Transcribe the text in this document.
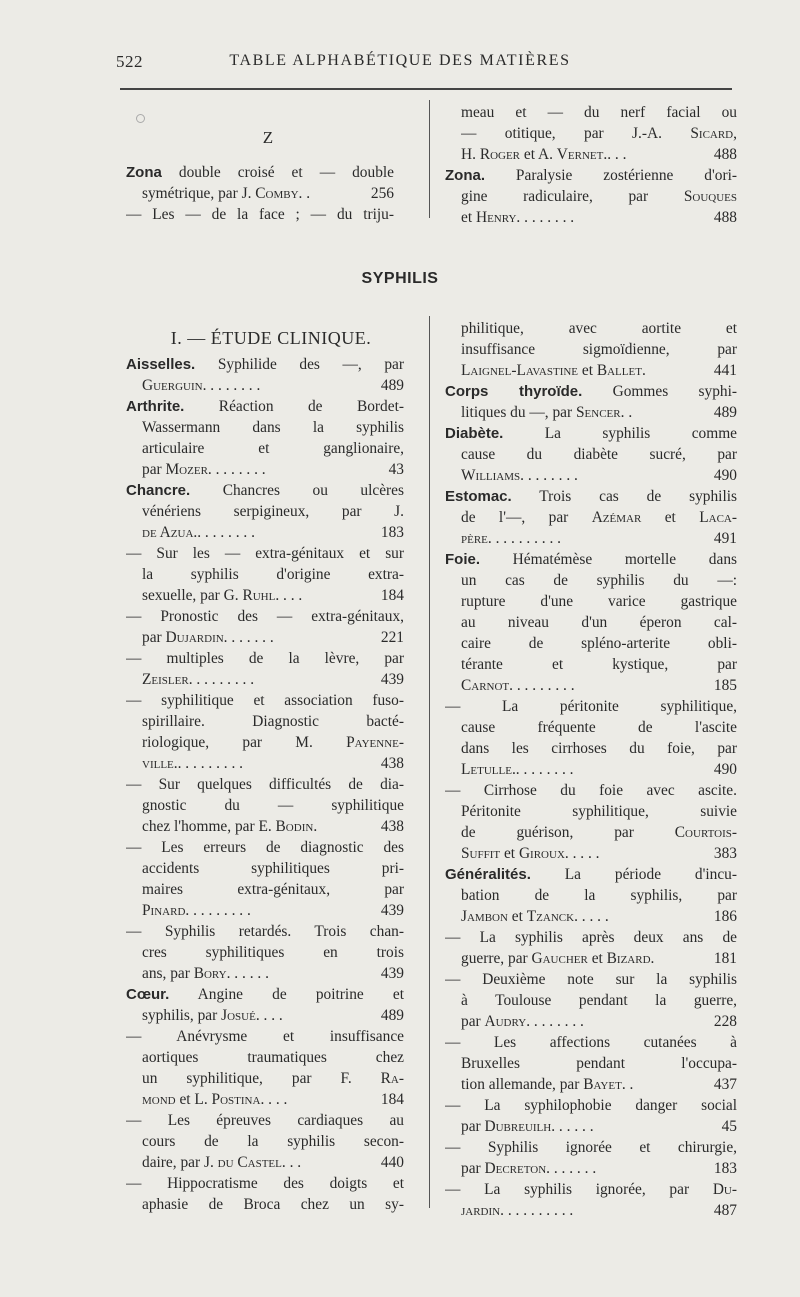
522	TABLE ALPHABÉTIQUE DES MATIÈRES
Z
SYPHILIS
I. — ÉTUDE CLINIQUE.
Zona double croisé et — double
symétrique, par J. Comby. .	256
— Les — de la face ; — du triju-
meau et — du nerf facial ou
— otitique, par J.-A. Sicard,
H. Roger et A. Vernet.. . .	488
Zona. Paralysie zostérienne d'ori-
gine radiculaire, par Souques
et Henry. . . . . . . .	488
Aisselles. Syphilide des —, par
Guerguin. . . . . . . .	489
Arthrite. Réaction de Bordet-
Wassermann dans la syphilis
articulaire et ganglionaire,
par Mozer. . . . . . . .	43
Chancre. Chancres ou ulcères
vénériens serpigineux, par J.
de Azua.. . . . . . . .	183
— Sur les — extra-génitaux et sur
la syphilis d'origine extra-
sexuelle, par G. Ruhl. . . .	184
— Pronostic des — extra-génitaux,
par Dujardin. . . . . . .	221
— multiples de la lèvre, par
Zeisler. . . . . . . . .	439
— syphilitique et association fuso-
spirillaire. Diagnostic bacté-
riologique, par M. Payenne-
ville.. . . . . . . . .	438
— Sur quelques difficultés de dia-
gnostic du — syphilitique
chez l'homme, par E. Bodin.	438
— Les erreurs de diagnostic des
accidents syphilitiques pri-
maires extra-génitaux, par
Pinard. . . . . . . . .	439
— Syphilis retardés. Trois chan-
cres syphilitiques en trois
ans, par Bory. . . . . .	439
Cœur. Angine de poitrine et
syphilis, par Josué. . . .	489
— Anévrysme et insuffisance
aortiques traumatiques chez
un syphilitique, par F. Ra-
mond et L. Postina. . . .	184
— Les épreuves cardiaques au
cours de la syphilis secon-
daire, par J. du Castel. . .	440
— Hippocratisme des doigts et
aphasie de Broca chez un sy-
philitique, avec aortite et
insuffisance sigmoïdienne, par
Laignel-Lavastine et Ballet.	441
Corps thyroïde. Gommes syphi-
litiques du —, par Sencer. .	489
Diabète. La syphilis comme
cause du diabète sucré, par
Williams. . . . . . . .	490
Estomac. Trois cas de syphilis
de l'—, par Azémar et Laca-
père. . . . . . . . . .	491
Foie. Hématémèse mortelle dans
un cas de syphilis du —:
rupture d'une varice gastrique
au niveau d'un éperon cal-
caire de spléno-arterite obli-
térante et kystique, par
Carnot. . . . . . . . .	185
— La péritonite syphilitique,
cause fréquente de l'ascite
dans les cirrhoses du foie, par
Letulle.. . . . . . . .	490
— Cirrhose du foie avec ascite.
Péritonite syphilitique, suivie
de guérison, par Courtois-
Suffit et Giroux. . . . .	383
Généralités. La période d'incu-
bation de la syphilis, par
Jambon et Tzanck. . . . .	186
— La syphilis après deux ans de
guerre, par Gaucher et Bizard.	181
— Deuxième note sur la syphilis
à Toulouse pendant la guerre,
par Audry. . . . . . . .	228
— Les affections cutanées à
Bruxelles pendant l'occupa-
tion allemande, par Bayet. .	437
— La syphilophobie danger social
par Dubreuilh. . . . . .	45
— Syphilis ignorée et chirurgie,
par Decreton. . . . . . .	183
— La syphilis ignorée, par Du-
jardin. . . . . . . . . .	487
